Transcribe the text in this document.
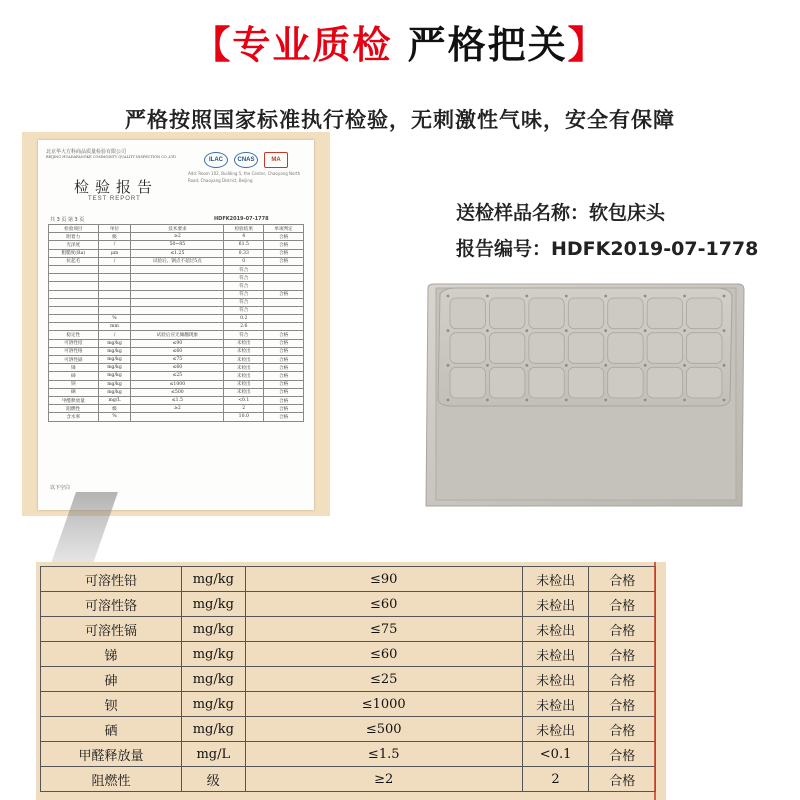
【专业质检 严格把关】
严格按照国家标准执行检验，无刺激性气味，安全有保障
北京华大方科商品质量检验有限公司
BEIJING HUADAFANGKE COMMODITY QUALITY INSPECTION CO.,LTD	ILAC	CNAS	MA
检验报告
TEST REPORT
Add: Room 102, Building 5, the Center, Chaoyang North Road, Chaoyang District, Beijing
共 3 页 第 3 页	HDFK2019-07-1778
检验项目	单位	技术要求	检验结果	单项判定
附着力	级	≥2	4	合格
光泽度	/	50~85	61.5	合格
粗糙度(Ra)	μm	≤1.25	0.33	合格
抗起毛	/	试验后，钢点不超过5点	0	合格
			符合	
			符合	
			符合	
			符合	合格
			符合	
			符合	
	%		0.2	
	mm		2.6	
稳定性	/	试验后应无倾翻现象	符合	合格
可溶性铅	mg/kg	≤90	未检出	合格
可溶性铬	mg/kg	≤60	未检出	合格
可溶性镉	mg/kg	≤75	未检出	合格
锑	mg/kg	≤60	未检出	合格
砷	mg/kg	≤25	未检出	合格
钡	mg/kg	≤1000	未检出	合格
硒	mg/kg	≤500	未检出	合格
甲醛释放量	mg/L	≤1.5	<0.1	合格
阻燃性	级	≥2	2	合格
含水率	%		10.0	合格
以下空白
送检样品名称：软包床头
报告编号：HDFK2019-07-1778
可溶性铅	mg/kg	≤90	未检出	合格
可溶性铬	mg/kg	≤60	未检出	合格
可溶性镉	mg/kg	≤75	未检出	合格
锑	mg/kg	≤60	未检出	合格
砷	mg/kg	≤25	未检出	合格
钡	mg/kg	≤1000	未检出	合格
硒	mg/kg	≤500	未检出	合格
甲醛释放量	mg/L	≤1.5	<0.1	合格
阻燃性	级	≥2	2	合格
